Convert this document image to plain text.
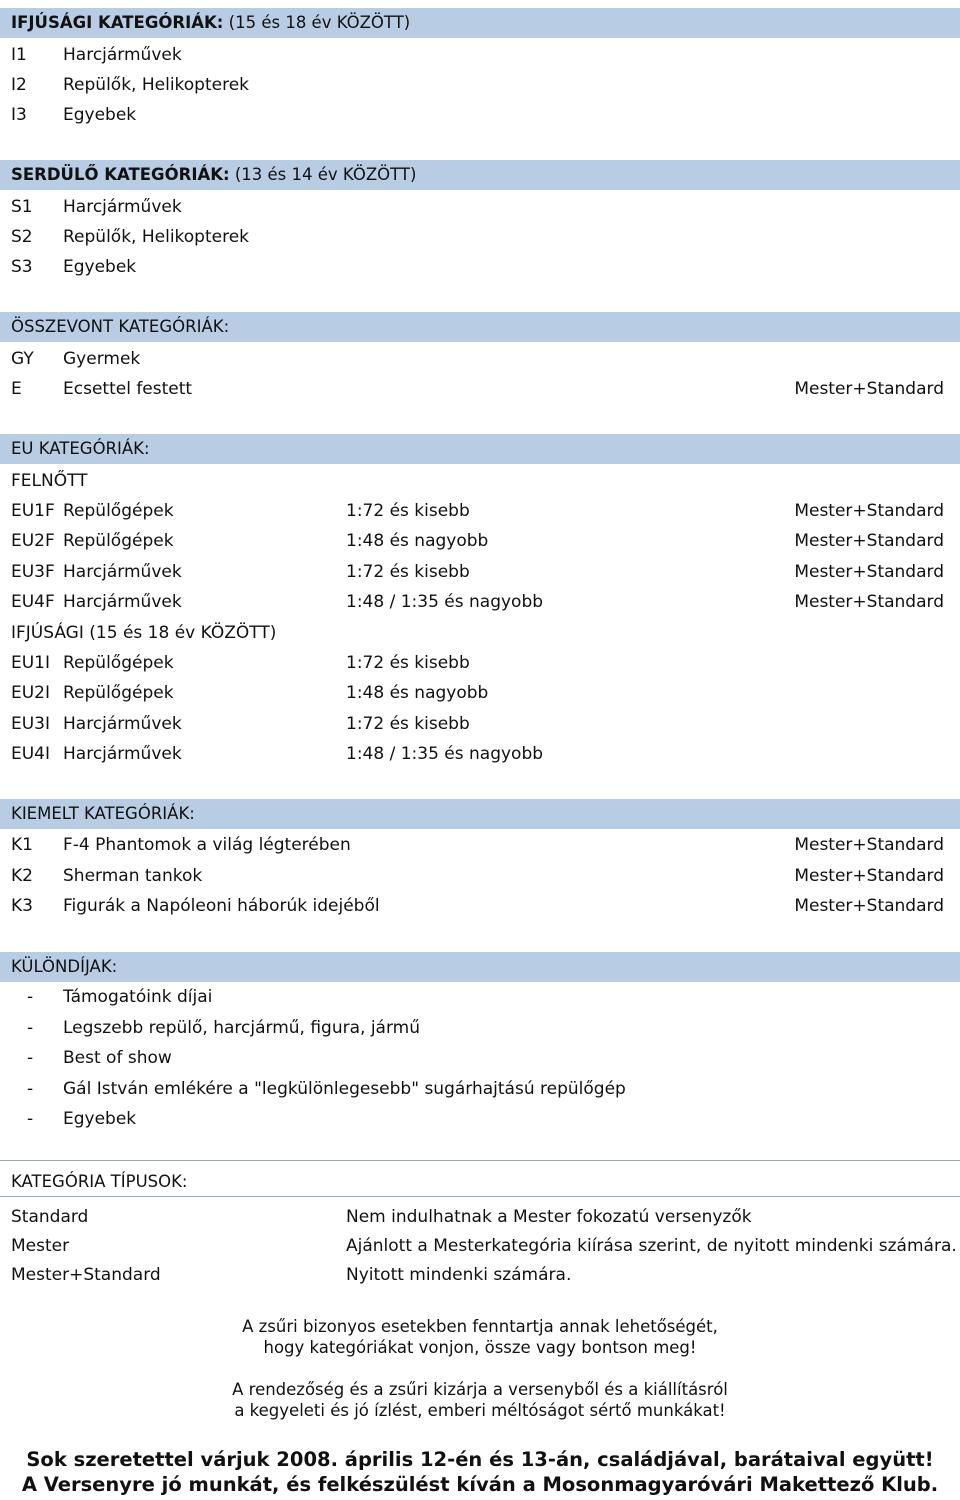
IFJÚSÁGI KATEGÓRIÁK: (15 és 18 év KÖZÖTT)
I1 Harcjárművek
I2 Repülők, Helikopterek
I3 Egyebek
SERDÜLŐ KATEGÓRIÁK: (13 és 14 év KÖZÖTT)
S1 Harcjárművek
S2 Repülők, Helikopterek
S3 Egyebek
ÖSSZEVONT KATEGÓRIÁK:
GY Gyermek
E Ecsettel festett	Mester+Standard
EU KATEGÓRIÁK:
FELNŐTT
EU1F Repülőgépek	1:72 és kisebb	Mester+Standard
EU2F Repülőgépek	1:48 és nagyobb	Mester+Standard
EU3F Harcjárművek	1:72 és kisebb	Mester+Standard
EU4F Harcjárművek	1:48 / 1:35 és nagyobb	Mester+Standard
IFJÚSÁGI (15 és 18 év KÖZÖTT)
EU1I Repülőgépek	1:72 és kisebb
EU2I Repülőgépek	1:48 és nagyobb
EU3I Harcjárművek	1:72 és kisebb
EU4I Harcjárművek	1:48 / 1:35 és nagyobb
KIEMELT KATEGÓRIÁK:
K1 F-4 Phantomok a világ légterében	Mester+Standard
K2 Sherman tankok	Mester+Standard
K3 Figurák a Napóleoni háborúk idejéből	Mester+Standard
KÜLÖNDÍJAK:
- Támogatóink díjai
- Legszebb repülő, harcjármű, figura, jármű
- Best of show
- Gál István emlékére a "legkülönlegesebb" sugárhajtású repülőgép
- Egyebek
KATEGÓRIA TÍPUSOK:
Standard	Nem indulhatnak a Mester fokozatú versenyzők
Mester	Ajánlott a Mesterkategória kiírása szerint, de nyitott mindenki számára.
Mester+Standard	Nyitott mindenki számára.
A zsűri bizonyos esetekben fenntartja annak lehetőségét,
hogy kategóriákat vonjon, össze vagy bontson meg!
A rendezőség és a zsűri kizárja a versenyből és a kiállításról
a kegyeleti és jó ízlést, emberi méltóságot sértő munkákat!
Sok szeretettel várjuk 2008. április 12-én és 13-án, családjával, barátaival együtt!
A Versenyre jó munkát, és felkészülést kíván a Mosonmagyaróvári Makettező Klub.
